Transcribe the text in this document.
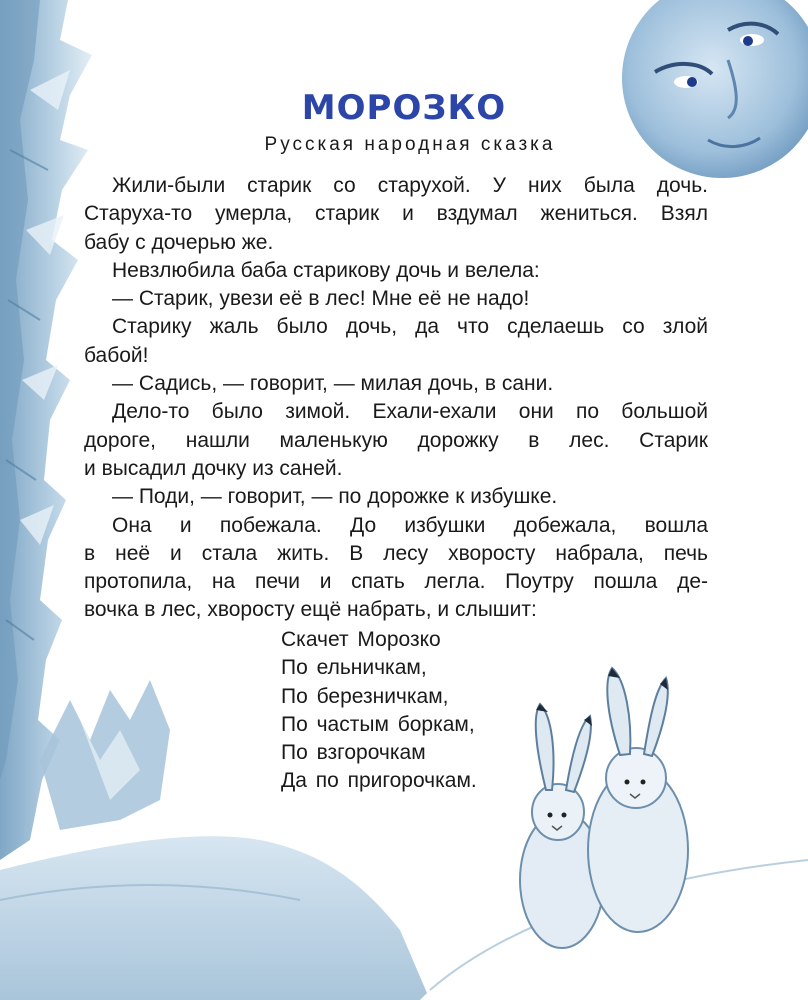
МОРОЗКО
Русская народная сказка
Жили-были старик со старухой. У них была дочь.
Старуха-то умерла, старик и вздумал жениться. Взял
бабу с дочерью же.
Невзлюбила баба старикову дочь и велела:
— Старик, увези её в лес! Мне её не надо!
Старику жаль было дочь, да что сделаешь со злой
бабой!
— Садись, — говорит, — милая дочь, в сани.
Дело-то было зимой. Ехали-ехали они по большой
дороге, нашли маленькую дорожку в лес. Старик
и высадил дочку из саней.
— Поди, — говорит, — по дорожке к избушке.
Она и побежала. До избушки добежала, вошла
в неё и стала жить. В лесу хворосту набрала, печь
протопила, на печи и спать легла. Поутру пошла де-
вочка в лес, хворосту ещё набрать, и слышит:
Скачет Морозко
По ельничкам,
По березничкам,
По частым боркам,
По взгорочкам
Да по пригорочкам.
